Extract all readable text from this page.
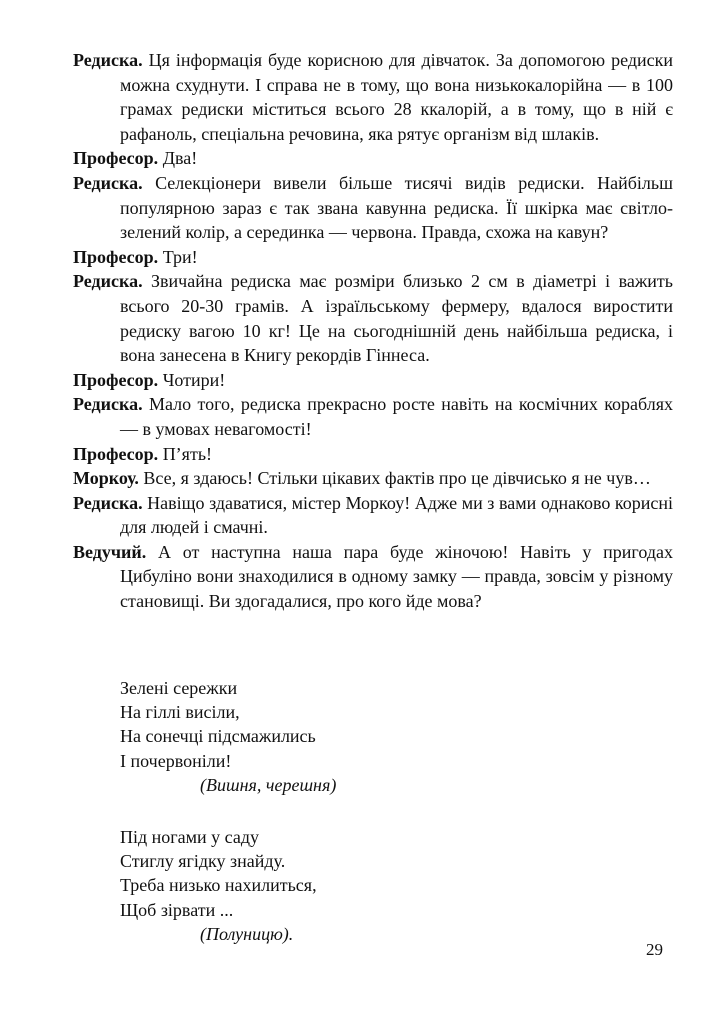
Редиска. Ця інформація буде корисною для дівчаток. За допомогою редиски можна схуднути. І справа не в тому, що вона низькокалорійна — в 100 грамах редиски міститься всього 28 ккалорій, а в тому, що в ній є рафаноль, спеціальна речовина, яка рятує організм від шлаків.

Професор. Два!

Редиска. Селекціонери вивели більше тисячі видів редиски. Найбільш популярною зараз є так звана кавунна редиска. Її шкірка має світло-зелений колір, а серединка — червона. Правда, схожа на кавун?

Професор. Три!

Редиска. Звичайна редиска має розміри близько 2 см в діаметрі і важить всього 20-30 грамів. А ізраїльському фермеру, вдалося виростити редиску вагою 10 кг! Це на сьогоднішній день найбільша редиска, і вона занесена в Книгу рекордів Гіннеса.

Професор. Чотири!

Редиска. Мало того, редиска прекрасно росте навіть на космічних кораблях — в умовах невагомості!

Професор. П’ять!

Моркоу. Все, я здаюсь! Стільки цікавих фактів про це дівчисько я не чув…

Редиска. Навіщо здаватися, містер Моркоу! Адже ми з вами однаково корисні для людей і смачні.

Ведучий. А от наступна наша пара буде жіночою! Навіть у пригодах Цибуліно вони знаходилися в одному замку — правда, зовсім у різному становищі. Ви здогадалися, про кого йде мова?

Зелені сережки
На гіллі висіли,
На сонечці підсмажились
І почервоніли!
(Вишня, черешня)
Під ногами у саду
Стиглу ягідку знайду.
Треба низько нахилиться,
Щоб зірвати ...
(Полуницю).
29
